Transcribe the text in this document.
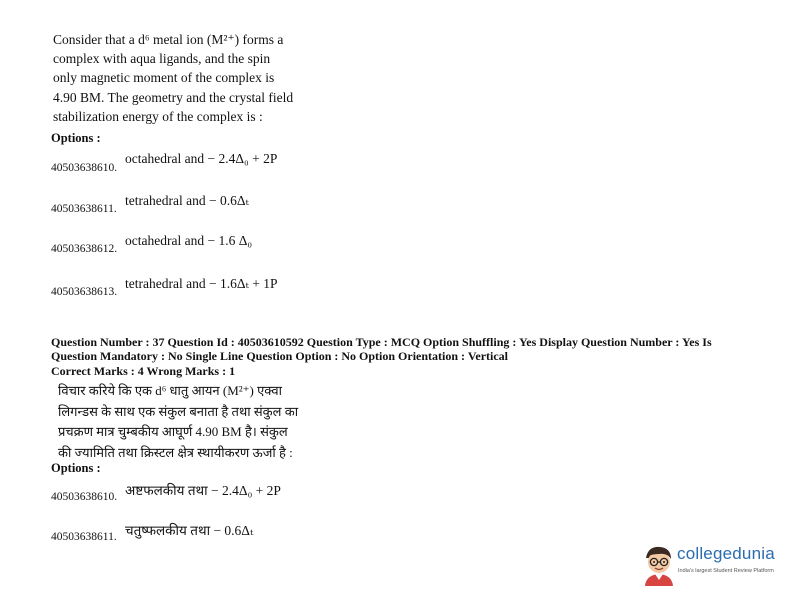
Consider that a d⁶ metal ion (M²⁺) forms a
complex with aqua ligands, and the spin
only magnetic moment of the complex is
4.90 BM. The geometry and the crystal field
stabilization energy of the complex is :
Options :
40503638610.
octahedral and − 2.4Δ₀ + 2P
40503638611.
tetrahedral and − 0.6Δₜ
40503638612.
octahedral and − 1.6 Δ₀
40503638613.
tetrahedral and − 1.6Δₜ + 1P
Question Number : 37 Question Id : 40503610592 Question Type : MCQ Option Shuffling : Yes Display Question Number : Yes Is
Question Mandatory : No Single Line Question Option : No Option Orientation : Vertical
Correct Marks : 4 Wrong Marks : 1
विचार करिये कि एक d⁶ धातु आयन (M²⁺) एक्वा
लिगन्डस के साथ एक संकुल बनाता है तथा संकुल का
प्रचक्रण मात्र चुम्बकीय आघूर्ण 4.90 BM है। संकुल
की ज्यामिति तथा क्रिस्टल क्षेत्र स्थायीकरण ऊर्जा है :
Options :
40503638610. अष्टफलकीय तथा − 2.4Δ₀ + 2P
40503638611. चतुष्फलकीय तथा − 0.6Δₜ
collegedunia
India's largest Student Review Platform
